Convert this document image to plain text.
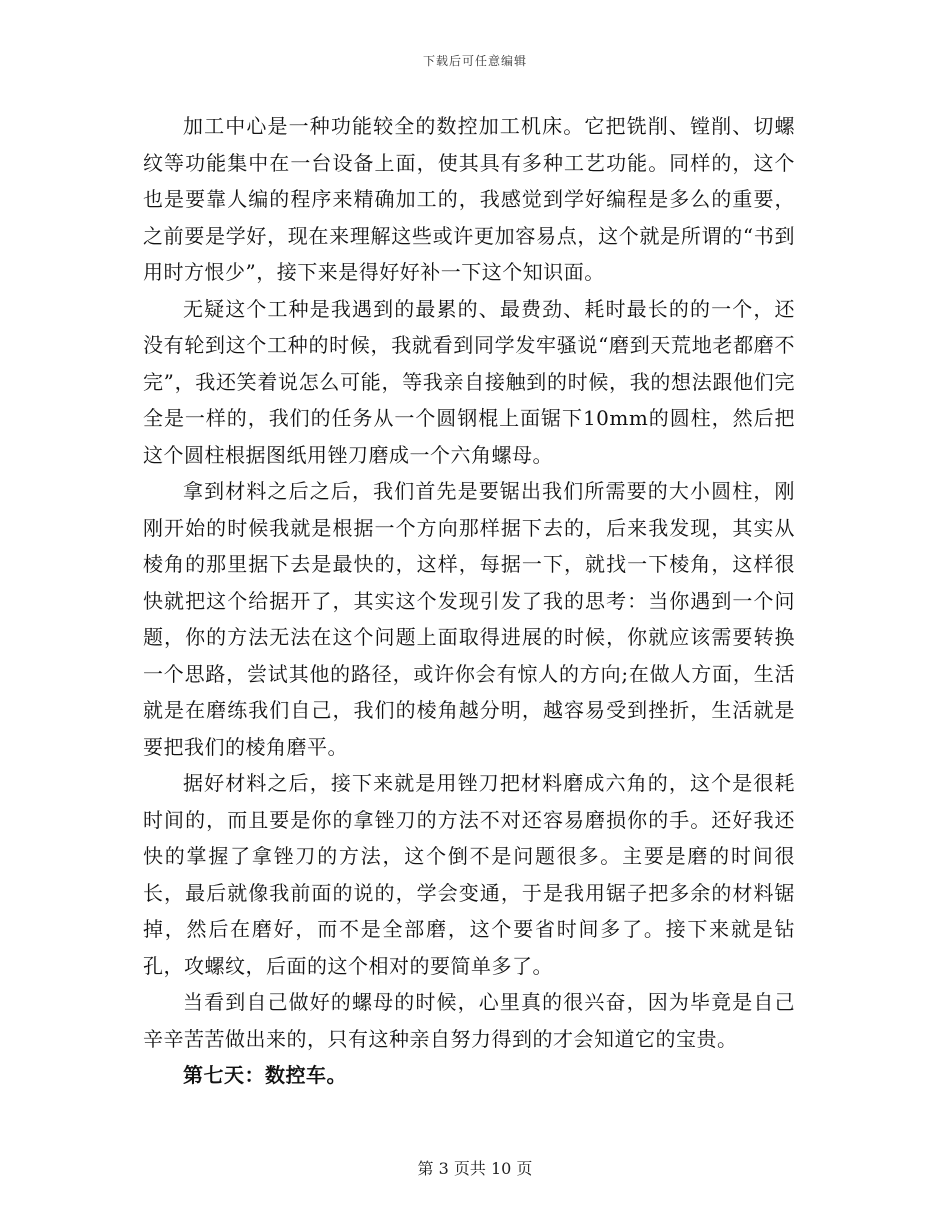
下载后可任意编辑

加工中心是一种功能较全的数控加工机床。它把铣削、镗削、切螺纹等功能集中在一台设备上面，使其具有多种工艺功能。同样的，这个也是要靠人编的程序来精确加工的，我感觉到学好编程是多么的重要，之前要是学好，现在来理解这些或许更加容易点，这个就是所谓的“书到用时方恨少”，接下来是得好好补一下这个知识面。

无疑这个工种是我遇到的最累的、最费劲、耗时最长的的一个，还没有轮到这个工种的时候，我就看到同学发牢骚说“磨到天荒地老都磨不完”，我还笑着说怎么可能，等我亲自接触到的时候，我的想法跟他们完全是一样的，我们的任务从一个圆钢棍上面锯下10mm的圆柱，然后把这个圆柱根据图纸用锉刀磨成一个六角螺母。

拿到材料之后之后，我们首先是要锯出我们所需要的大小圆柱，刚刚开始的时候我就是根据一个方向那样据下去的，后来我发现，其实从棱角的那里据下去是最快的，这样，每据一下，就找一下棱角，这样很快就把这个给据开了，其实这个发现引发了我的思考：当你遇到一个问题，你的方法无法在这个问题上面取得进展的时候，你就应该需要转换一个思路，尝试其他的路径，或许你会有惊人的方向;在做人方面，生活就是在磨练我们自己，我们的棱角越分明，越容易受到挫折，生活就是要把我们的棱角磨平。

据好材料之后，接下来就是用锉刀把材料磨成六角的，这个是很耗时间的，而且要是你的拿锉刀的方法不对还容易磨损你的手。还好我还快的掌握了拿锉刀的方法，这个倒不是问题很多。主要是磨的时间很长，最后就像我前面的说的，学会变通，于是我用锯子把多余的材料锯掉，然后在磨好，而不是全部磨，这个要省时间多了。接下来就是钻孔，攻螺纹，后面的这个相对的要简单多了。

当看到自己做好的螺母的时候，心里真的很兴奋，因为毕竟是自己辛辛苦苦做出来的，只有这种亲自努力得到的才会知道它的宝贵。

第七天：数控车。

第 3 页共 10 页
